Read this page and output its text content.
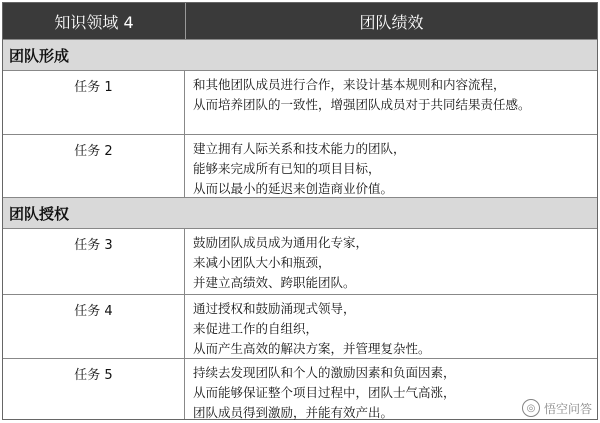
知识领域 4	团队绩效
团队形成
任务 1	和其他团队成员进行合作，来设计基本规则和内容流程，
从而培养团队的一致性，增强团队成员对于共同结果责任感。
任务 2	建立拥有人际关系和技术能力的团队，
能够来完成所有已知的项目目标，
从而以最小的延迟来创造商业价值。
团队授权
任务 3	鼓励团队成员成为通用化专家，
来减小团队大小和瓶颈，
并建立高绩效、跨职能团队。
任务 4	通过授权和鼓励涌现式领导，
来促进工作的自组织，
从而产生高效的解决方案，并管理复杂性。
任务 5	持续去发现团队和个人的激励因素和负面因素，
从而能够保证整个项目过程中，团队士气高涨，
团队成员得到激励，并能有效产出。	◎ 悟空问答
